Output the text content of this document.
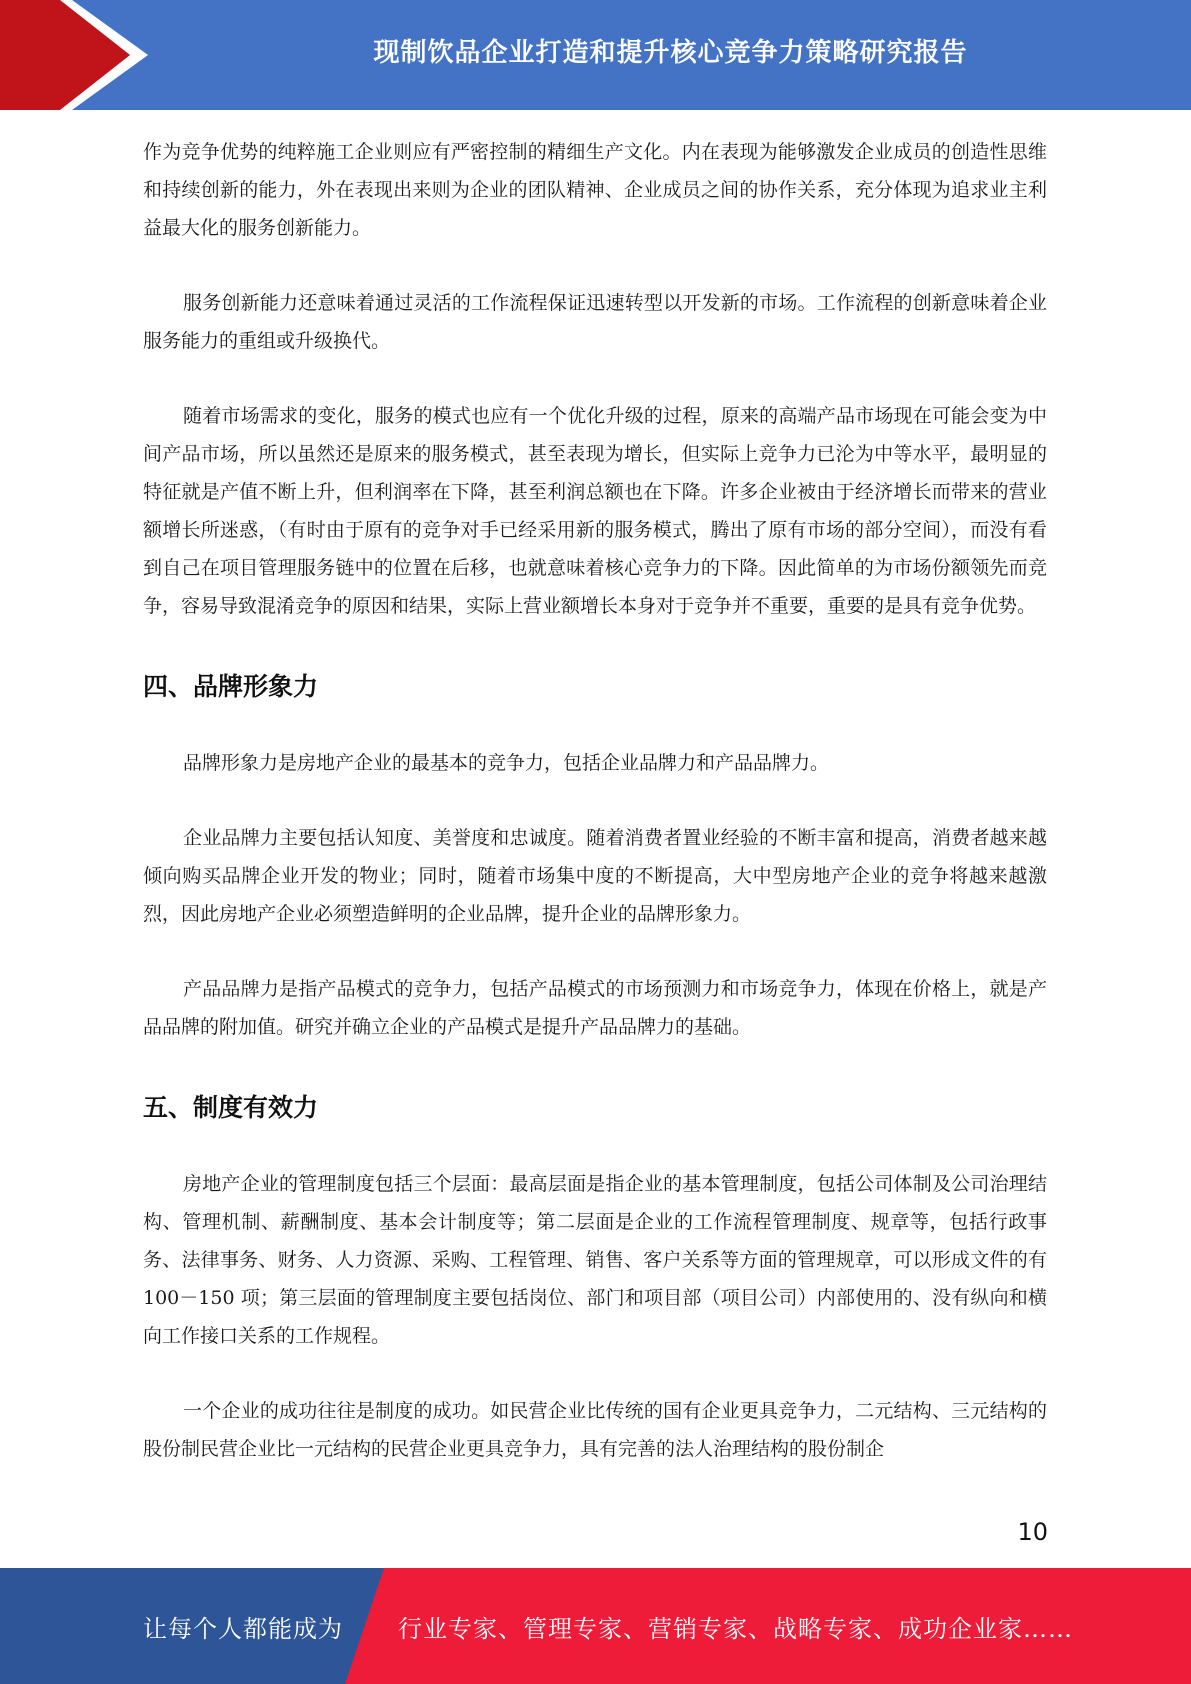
现制饮品企业打造和提升核心竞争力策略研究报告

作为竞争优势的纯粹施工企业则应有严密控制的精细生产文化。内在表现为能够激发企业成员的创造性思维和持续创新的能力，外在表现出来则为企业的团队精神、企业成员之间的协作关系，充分体现为追求业主利益最大化的服务创新能力。

服务创新能力还意味着通过灵活的工作流程保证迅速转型以开发新的市场。工作流程的创新意味着企业服务能力的重组或升级换代。

随着市场需求的变化，服务的模式也应有一个优化升级的过程，原来的高端产品市场现在可能会变为中间产品市场，所以虽然还是原来的服务模式，甚至表现为增长，但实际上竞争力已沦为中等水平，最明显的特征就是产值不断上升，但利润率在下降，甚至利润总额也在下降。许多企业被由于经济增长而带来的营业额增长所迷惑，（有时由于原有的竞争对手已经采用新的服务模式，腾出了原有市场的部分空间），而没有看到自己在项目管理服务链中的位置在后移，也就意味着核心竞争力的下降。因此简单的为市场份额领先而竞争，容易导致混淆竞争的原因和结果，实际上营业额增长本身对于竞争并不重要，重要的是具有竞争优势。

四、品牌形象力

品牌形象力是房地产企业的最基本的竞争力，包括企业品牌力和产品品牌力。

企业品牌力主要包括认知度、美誉度和忠诚度。随着消费者置业经验的不断丰富和提高，消费者越来越倾向购买品牌企业开发的物业；同时，随着市场集中度的不断提高，大中型房地产企业的竞争将越来越激烈，因此房地产企业必须塑造鲜明的企业品牌，提升企业的品牌形象力。

产品品牌力是指产品模式的竞争力，包括产品模式的市场预测力和市场竞争力，体现在价格上，就是产品品牌的附加值。研究并确立企业的产品模式是提升产品品牌力的基础。

五、制度有效力

房地产企业的管理制度包括三个层面：最高层面是指企业的基本管理制度，包括公司体制及公司治理结构、管理机制、薪酬制度、基本会计制度等；第二层面是企业的工作流程管理制度、规章等，包括行政事务、法律事务、财务、人力资源、采购、工程管理、销售、客户关系等方面的管理规章，可以形成文件的有 100－150 项；第三层面的管理制度主要包括岗位、部门和项目部（项目公司）内部使用的、没有纵向和横向工作接口关系的工作规程。

一个企业的成功往往是制度的成功。如民营企业比传统的国有企业更具竞争力，二元结构、三元结构的股份制民营企业比一元结构的民营企业更具竞争力，具有完善的法人治理结构的股份制企

10
让每个人都能成为 行业专家、管理专家、营销专家、战略专家、成功企业家……
